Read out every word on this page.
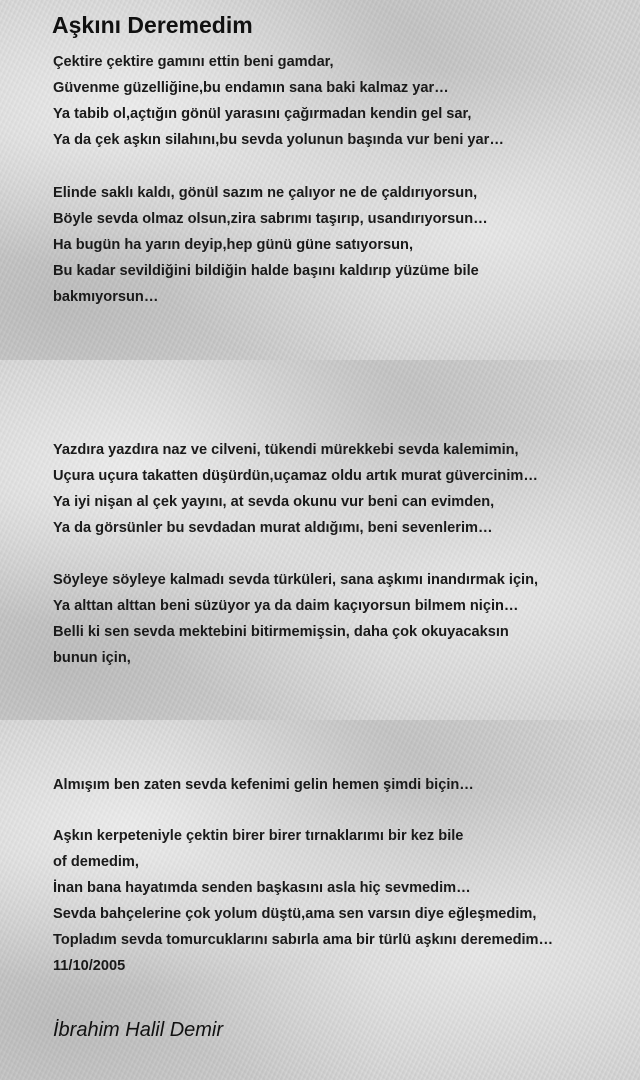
Aşkını Deremedim

Çektire çektire gamını ettin beni gamdar,
Güvenme güzelliğine,bu endamın sana baki kalmaz yar…
Ya tabib ol,açtığın gönül yarasını çağırmadan kendin gel sar,
Ya da çek aşkın silahını,bu sevda yolunun başında vur beni yar…

Elinde saklı kaldı, gönül sazım ne çalıyor ne de çaldırıyorsun,
Böyle sevda olmaz olsun,zira sabrımı taşırıp, usandırıyorsun…
Ha bugün ha yarın deyip,hep günü güne satıyorsun,
Bu kadar sevildiğini bildiğin halde başını kaldırıp yüzüme bile
bakmıyorsun…

Yazdıra yazdıra naz ve cilveni, tükendi mürekkebi sevda kalemimin,
Uçura uçura takatten düşürdün,uçamaz oldu artık murat güvercinim…
Ya iyi nişan al çek yayını, at sevda okunu vur beni can evimden,
Ya da görsünler bu sevdadan murat aldığımı, beni sevenlerim…

Söyleye söyleye kalmadı sevda türküleri, sana aşkımı inandırmak için,
Ya alttan alttan beni süzüyor ya da daim kaçıyorsun bilmem niçin…
Belli ki sen sevda mektebini bitirmemişsin, daha çok okuyacaksın
bunun için,

Almışım ben zaten sevda kefenimi gelin hemen şimdi biçin…

Aşkın kerpeteniyle çektin birer birer tırnaklarımı bir kez bile
of demedim,
İnan bana hayatımda senden başkasını asla hiç sevmedim…
Sevda bahçelerine çok yolum düştü,ama sen varsın diye eğleşmedim,
Topladım sevda tomurcuklarını sabırla ama bir türlü aşkını deremedim…
11/10/2005

İbrahim Halil Demir
